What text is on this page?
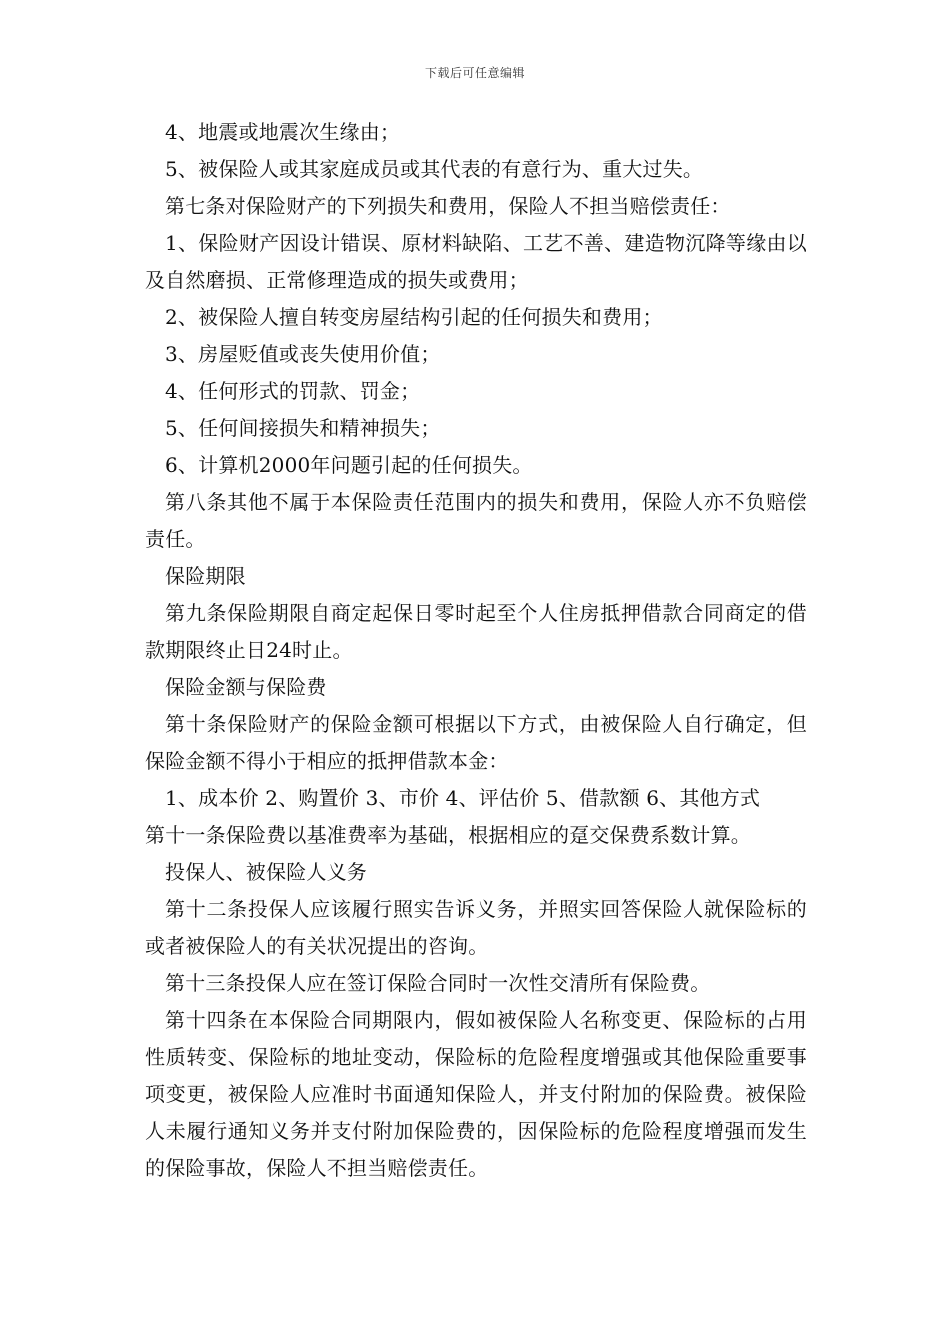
下载后可任意编辑

4、地震或地震次生缘由；

5、被保险人或其家庭成员或其代表的有意行为、重大过失。

第七条对保险财产的下列损失和费用，保险人不担当赔偿责任：

1、保险财产因设计错误、原材料缺陷、工艺不善、建造物沉降等缘由以及自然磨损、正常修理造成的损失或费用；

2、被保险人擅自转变房屋结构引起的任何损失和费用；

3、房屋贬值或丧失使用价值；

4、任何形式的罚款、罚金；

5、任何间接损失和精神损失；

6、计算机2000年问题引起的任何损失。

第八条其他不属于本保险责任范围内的损失和费用，保险人亦不负赔偿责任。

保险期限

第九条保险期限自商定起保日零时起至个人住房抵押借款合同商定的借款期限终止日24时止。

保险金额与保险费

第十条保险财产的保险金额可根据以下方式，由被保险人自行确定，但保险金额不得小于相应的抵押借款本金：

1、成本价 2、购置价 3、市价 4、评估价 5、借款额 6、其他方式

第十一条保险费以基准费率为基础，根据相应的趸交保费系数计算。

投保人、被保险人义务

第十二条投保人应该履行照实告诉义务，并照实回答保险人就保险标的或者被保险人的有关状况提出的咨询。

第十三条投保人应在签订保险合同时一次性交清所有保险费。

第十四条在本保险合同期限内，假如被保险人名称变更、保险标的占用性质转变、保险标的地址变动，保险标的危险程度增强或其他保险重要事项变更，被保险人应准时书面通知保险人，并支付附加的保险费。被保险人未履行通知义务并支付附加保险费的，因保险标的危险程度增强而发生的保险事故，保险人不担当赔偿责任。
